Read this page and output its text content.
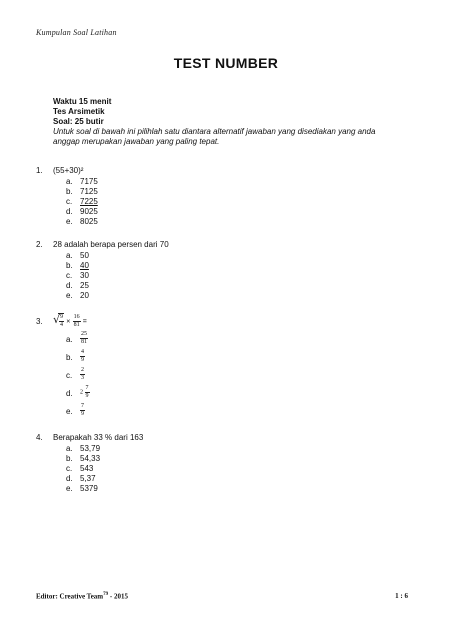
Kumpulan Soal Latihan
TEST NUMBER
Waktu 15 menit
Tes Arsimetik
Soal: 25 butir
Untuk soal di bawah ini pilihlah satu diantara alternatif jawaban yang disediakan yang anda anggap merupakan jawaban yang paling tepat.
1.	(55+30)²
a. 7175
b. 7125
c. 7225
d. 9025
e. 8025
2.	28 adalah berapa persen dari 70
a. 50
b. 40
c. 30
d. 25
e. 20
3. √
$\frac{9}{4} \times \frac{16}{81}$ =
a. $\frac{25}{81}$
b. $\frac{4}{9}$
c. $\frac{2}{3}$
d. $2 \frac{7}{9}$
e. $\frac{7}{9}$
4.	Berapakah 33 % dari 163
a. 53,79
b. 54,33
c. 543
d. 5,37
e. 5379
Editor: Creative Team$^{79}$ - 2015	1 : 6
